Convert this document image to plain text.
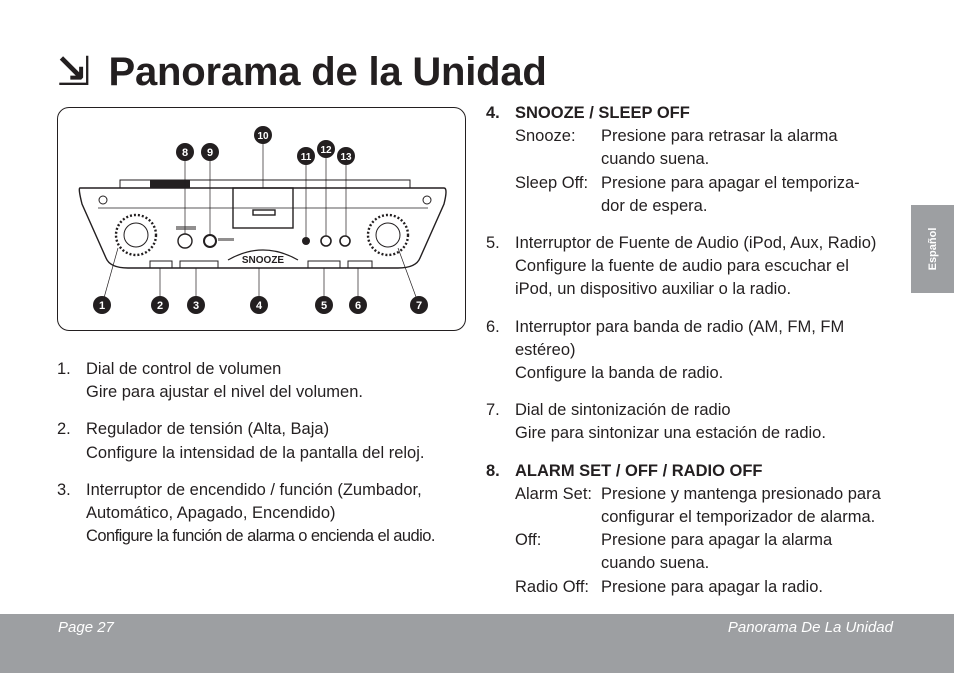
⇲ Panorama de la Unidad
SNOOZE
1	2	3	4	5	6	7
8 9
10
11
12
13
1. Dial de control de volumen
Gire para ajustar el nivel del volumen.
2. Regulador de tensión (Alta, Baja)
Configure la intensidad de la pantalla del reloj.
3. Interruptor de encendido / función (Zumbador,
Automático, Apagado, Encendido)
Configure la función de alarma o encienda el audio.
4. SNOOZE / SLEEP OFF
Snooze:	Presione para retrasar la alarma
cuando suena.
Sleep Off: Presione para apagar el temporiza-
dor de espera.
5. Interruptor de Fuente de Audio (iPod, Aux, Radio)
Configure la fuente de audio para escuchar el
iPod, un dispositivo auxiliar o la radio.
6. Interruptor para banda de radio (AM, FM, FM
estéreo)
Configure la banda de radio.
7. Dial de sintonización de radio
Gire para sintonizar una estación de radio.
8. ALARM SET / OFF / RADIO OFF
Alarm Set: Presione y mantenga presionado para
configurar el temporizador de alarma.
Off:	Presione para apagar la alarma
cuando suena.
Radio Off: Presione para apagar la radio.
Español
Page 27	Panorama De La Unidad
